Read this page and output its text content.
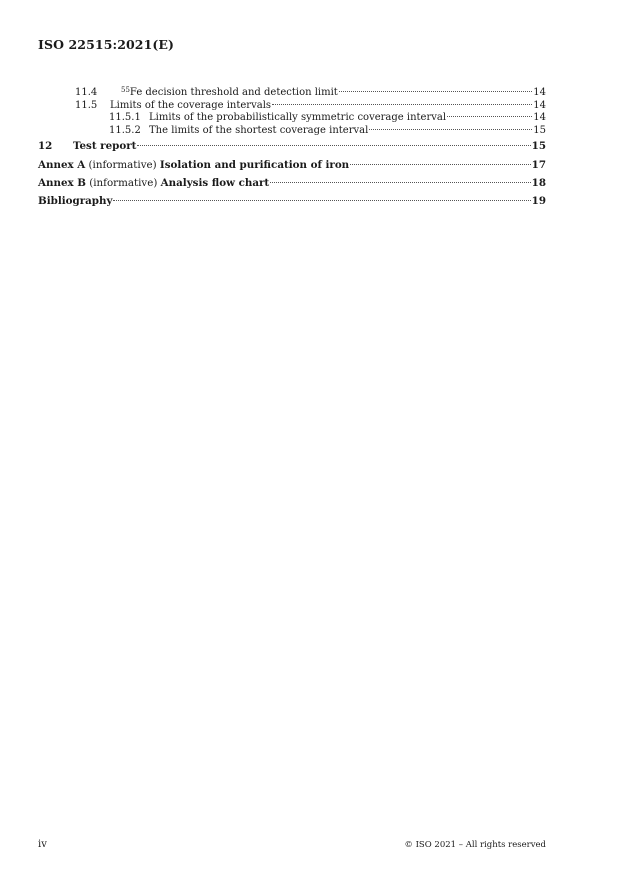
ISO 22515:2021(E)
11.4	$^{55}$Fe decision threshold and detection limit	14
11.5 Limits of the coverage intervals	14
11.5.1 Limits of the probabilistically symmetric coverage interval	14
11.5.2 The limits of the shortest coverage interval	15
12	Test report	15
Annex A (informative) Isolation and purification of iron	17
Annex B (informative) Analysis flow chart	18
Bibliography	19
iv	© ISO 2021 – All rights reserved
